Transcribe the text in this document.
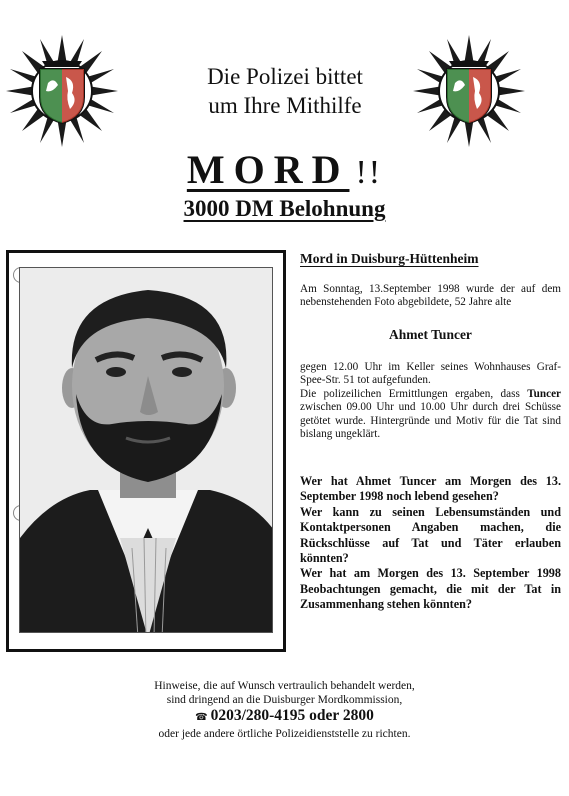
Die Polizei bittet
um Ihre Mithilfe
MORD !!
3000 DM Belohnung
Mord in Duisburg-Hüttenheim
Am Sonntag, 13.September 1998 wurde der auf dem nebenstehenden Foto abgebildete, 52 Jahre alte
Ahmet Tuncer
gegen 12.00 Uhr im Keller seines Wohnhauses Graf-Spee-Str. 51 tot aufgefunden.
Die polizeilichen Ermittlungen ergaben, dass Tuncer zwischen 09.00 Uhr und 10.00 Uhr durch drei Schüsse getötet wurde. Hintergründe und Motiv für die Tat sind bislang ungeklärt.
Wer hat Ahmet Tuncer am Morgen des 13. September 1998 noch lebend gesehen?
Wer kann zu seinen Lebensumständen und Kontaktpersonen Angaben machen, die Rückschlüsse auf Tat und Täter erlauben könnten?
Wer hat am Morgen des 13. September 1998 Beobachtungen gemacht, die mit der Tat in Zusammenhang stehen könnten?
Hinweise, die auf Wunsch vertraulich behandelt werden,
sind dringend an die Duisburger Mordkommission,
☎ 0203/280-4195 oder 2800
oder jede andere örtliche Polizeidienststelle zu richten.
